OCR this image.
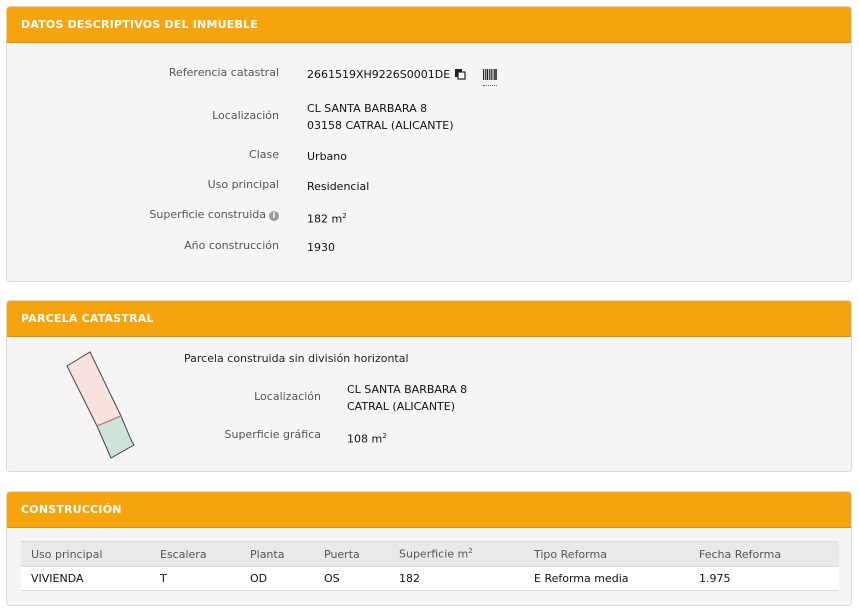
DATOS DESCRIPTIVOS DEL INMUEBLE
Referencia catastral	2661519XH9226S0001DE
Localización
CL SANTA BARBARA 8
03158 CATRAL (ALICANTE)
Clase	Urbano
Uso principal	Residencial
Superficie construida i	182 $m^2$
Año construcción	1930
PARCELA CATASTRAL
Parcela construida sin división horizontal
Localización
CL SANTA BARBARA 8
CATRAL (ALICANTE)
Superficie gráfica 108 $m^2$
CONSTRUCCIÓN
Uso principal	Escalera	Planta	Puerta	Superficie $m^2$	Tipo Reforma	Fecha Reforma
VIVIENDA	T	OD	OS	182	E Reforma media	1.975
